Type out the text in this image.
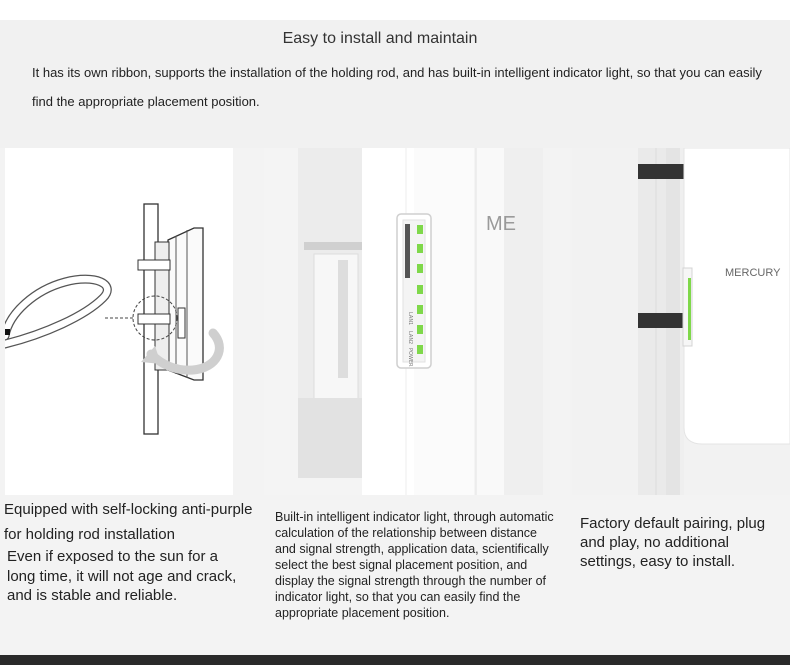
Easy to install and maintain

It has its own ribbon, supports the installation of the holding rod, and has built-in intelligent indicator light, so that you can easily find the appropriate placement position.

ME
LAN1
LAN2
POWER
MERCURY
Equipped with self-locking anti-purple for holding rod installation
Even if exposed to the sun for a long time, it will not age and crack, and is stable and reliable.
Built-in intelligent indicator light, through automatic calculation of the relationship between distance and signal strength, application data, scientifically select the best signal placement position, and display the signal strength through the number of indicator light, so that you can easily find the appropriate placement position.
Factory default pairing, plug and play, no additional settings, easy to install.
